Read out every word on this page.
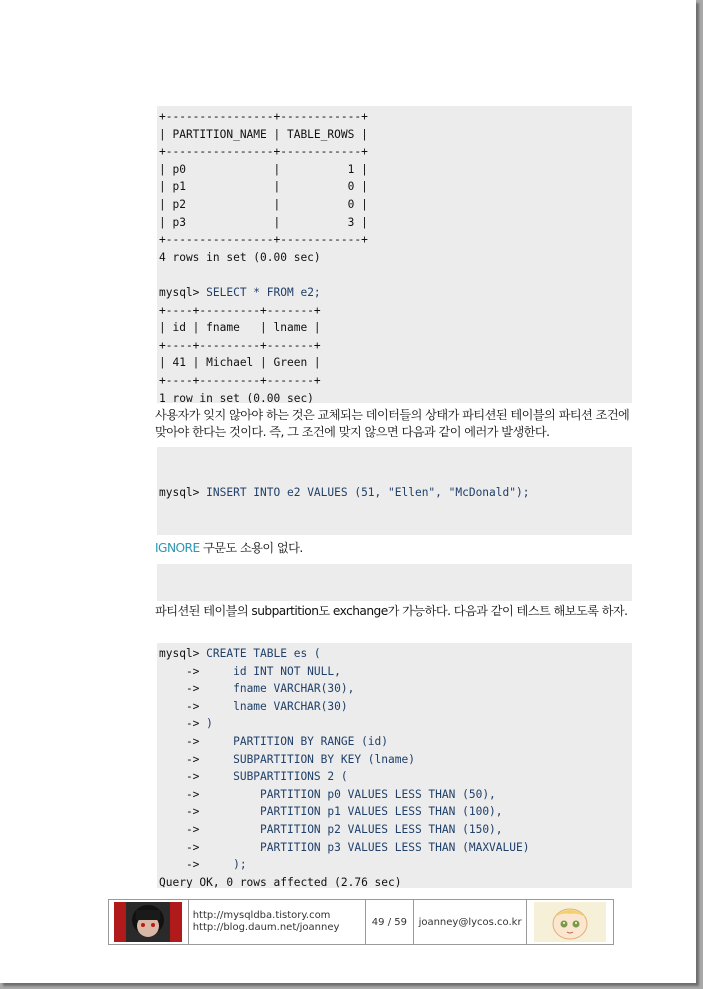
+----------------+------------+
| PARTITION_NAME | TABLE_ROWS |
+----------------+------------+
| p0             |          1 |
| p1             |          0 |
| p2             |          0 |
| p3             |          3 |
+----------------+------------+
4 rows in set (0.00 sec)
mysql> SELECT * FROM e2;
+----+---------+-------+
| id | fname   | lname |
+----+---------+-------+
| 41 | Michael | Green |
+----+---------+-------+
1 row in set (0.00 sec)
사용자가 잊지 않아야 하는 것은 교체되는 데이터들의 상태가 파티션된 테이블의 파티션 조건에 맞아야 한다는 것이다. 즉, 그 조건에 맞지 않으면 다음과 같이 에러가 발생한다.

mysql> INSERT INTO e2 VALUES (51, "Ellen", "McDonald");

IGNORE 구문도 소용이 없다.

파티션된 테이블의 subpartition도 exchange가 가능하다. 다음과 같이 테스트 해보도록 하자.
mysql> CREATE TABLE es (
->     id INT NOT NULL,
->     fname VARCHAR(30),
->     lname VARCHAR(30)
-> )
->     PARTITION BY RANGE (id)
->     SUBPARTITION BY KEY (lname)
->     SUBPARTITIONS 2 (
->         PARTITION p0 VALUES LESS THAN (50),
->         PARTITION p1 VALUES LESS THAN (100),
->         PARTITION p2 VALUES LESS THAN (150),
->         PARTITION p3 VALUES LESS THAN (MAXVALUE)
->     );
Query OK, 0 rows affected (2.76 sec)
http://mysqldba.tistory.com
http://blog.daum.net/joanney	49 / 59	joanney@lycos.co.kr
